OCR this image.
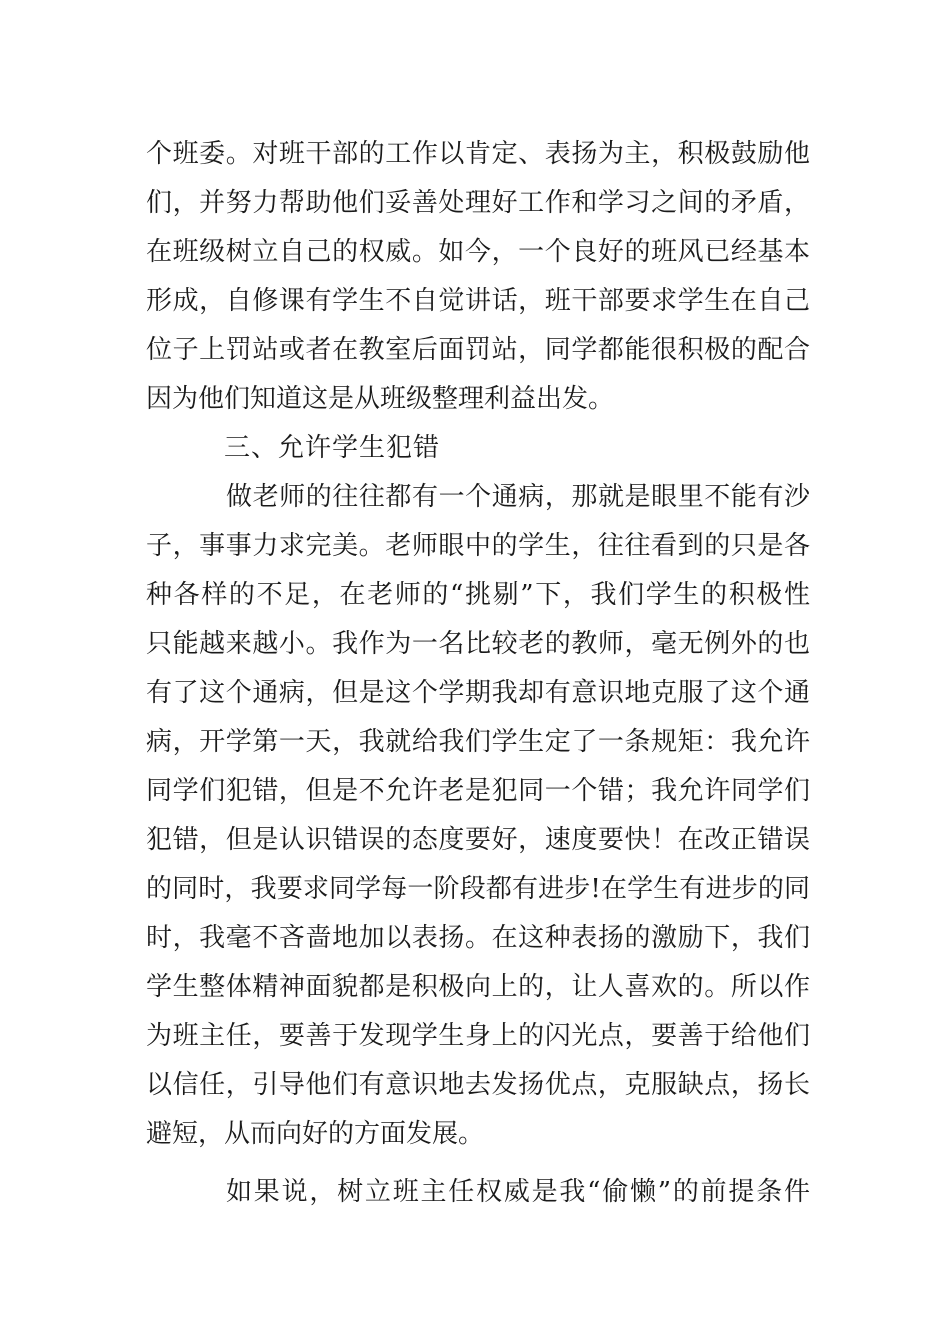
个班委。对班干部的工作以肯定、表扬为主，积极鼓励他
们，并努力帮助他们妥善处理好工作和学习之间的矛盾，
在班级树立自己的权威。如今，一个良好的班风已经基本
形成，自修课有学生不自觉讲话，班干部要求学生在自己
位子上罚站或者在教室后面罚站，同学都能很积极的配合
因为他们知道这是从班级整理利益出发。
三、允许学生犯错
做老师的往往都有一个通病，那就是眼里不能有沙
子，事事力求完美。老师眼中的学生，往往看到的只是各
种各样的不足，在老师的“挑剔”下，我们学生的积极性
只能越来越小。我作为一名比较老的教师，毫无例外的也
有了这个通病，但是这个学期我却有意识地克服了这个通
病，开学第一天，我就给我们学生定了一条规矩：我允许
同学们犯错，但是不允许老是犯同一个错；我允许同学们
犯错，但是认识错误的态度要好，速度要快！在改正错误
的同时，我要求同学每一阶段都有进步!在学生有进步的同
时，我毫不吝啬地加以表扬。在这种表扬的激励下，我们
学生整体精神面貌都是积极向上的，让人喜欢的。所以作
为班主任，要善于发现学生身上的闪光点，要善于给他们
以信任，引导他们有意识地去发扬优点，克服缺点，扬长
避短，从而向好的方面发展。
如果说，树立班主任权威是我“偷懒”的前提条件
